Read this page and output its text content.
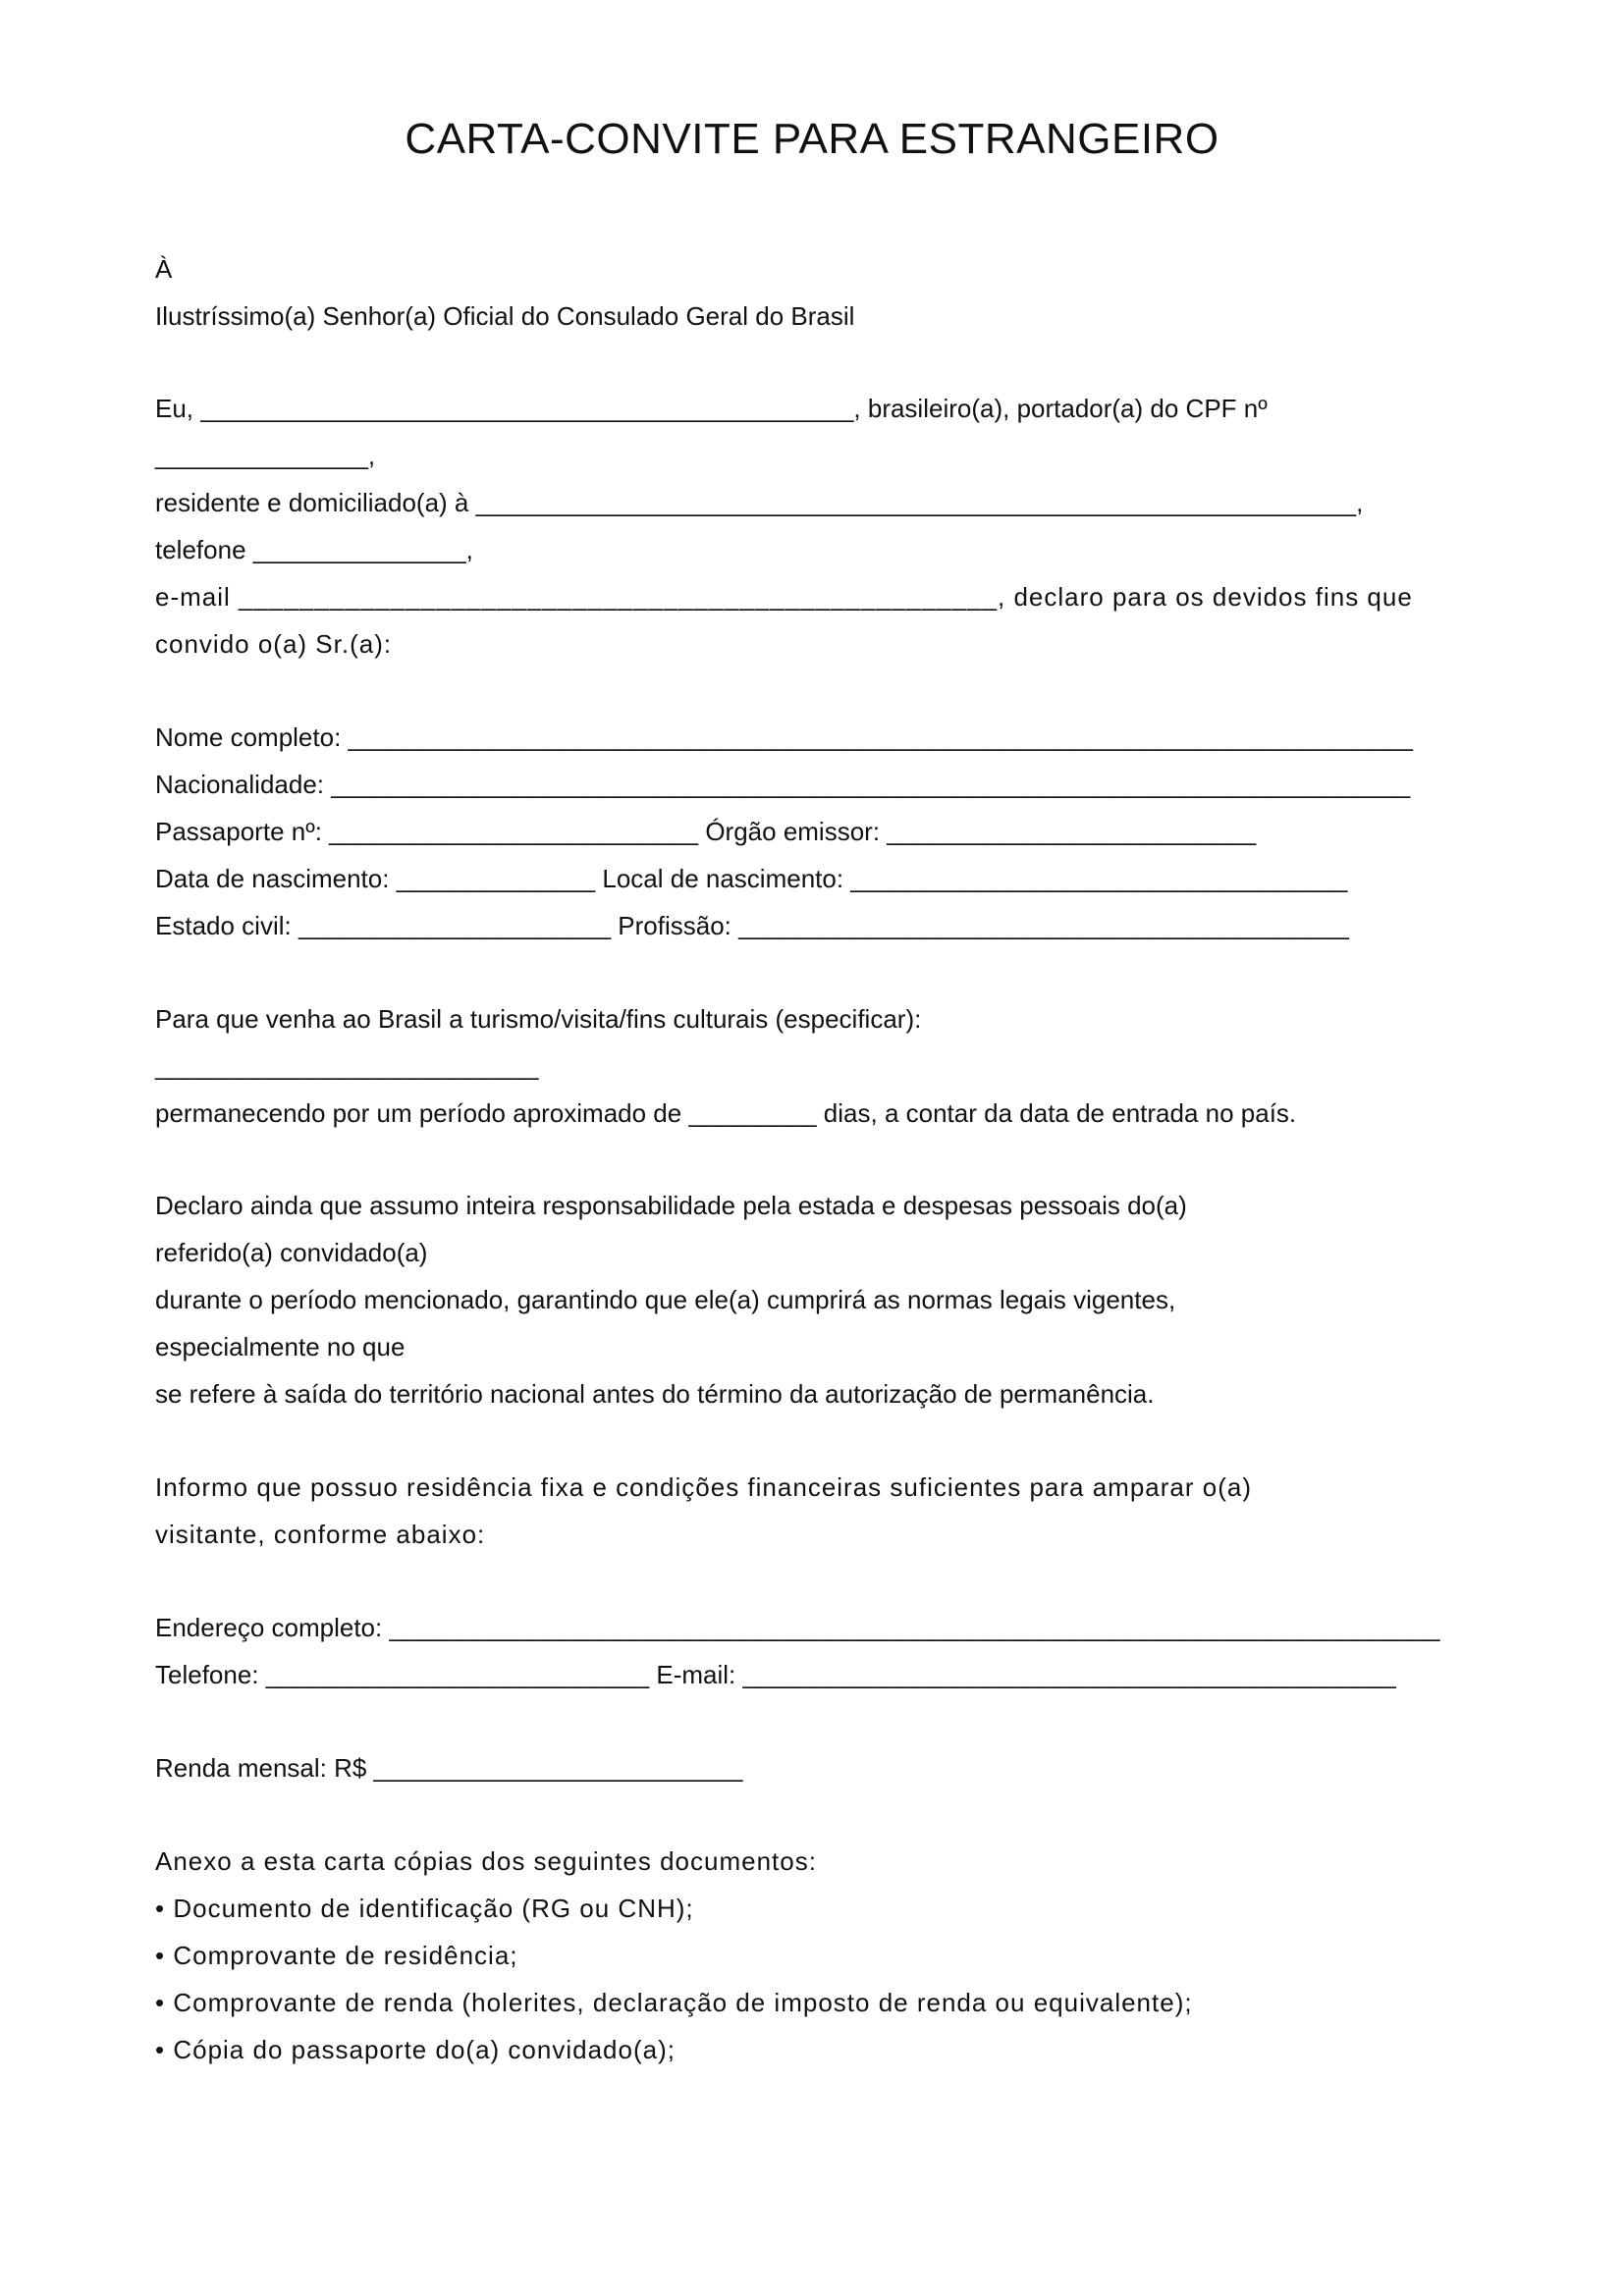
CARTA-CONVITE PARA ESTRANGEIRO
À
Ilustríssimo(a) Senhor(a) Oficial do Consulado Geral do Brasil
Eu, ______________________________________________, brasileiro(a), portador(a) do CPF nº
_______________,
residente e domiciliado(a) à ______________________________________________________________,
telefone _______________,
e-mail __________________________________________________, declaro para os devidos fins que
convido o(a) Sr.(a):
Nome completo: ___________________________________________________________________________
Nacionalidade: ____________________________________________________________________________
Passaporte nº: __________________________ Órgão emissor: __________________________
Data de nascimento: ______________ Local de nascimento: ___________________________________
Estado civil: ______________________ Profissão: ___________________________________________
Para que venha ao Brasil a turismo/visita/fins culturais (especificar):
___________________________
permanecendo por um período aproximado de _________ dias, a contar da data de entrada no país.
Declaro ainda que assumo inteira responsabilidade pela estada e despesas pessoais do(a)
referido(a) convidado(a)
durante o período mencionado, garantindo que ele(a) cumprirá as normas legais vigentes,
especialmente no que
se refere à saída do território nacional antes do término da autorização de permanência.
Informo que possuo residência fixa e condições financeiras suficientes para amparar o(a)
visitante, conforme abaixo:
Endereço completo: __________________________________________________________________________
Telefone: ___________________________ E-mail: ______________________________________________
Renda mensal: R$ __________________________
Anexo a esta carta cópias dos seguintes documentos:
• Documento de identificação (RG ou CNH);
• Comprovante de residência;
• Comprovante de renda (holerites, declaração de imposto de renda ou equivalente);
• Cópia do passaporte do(a) convidado(a);
